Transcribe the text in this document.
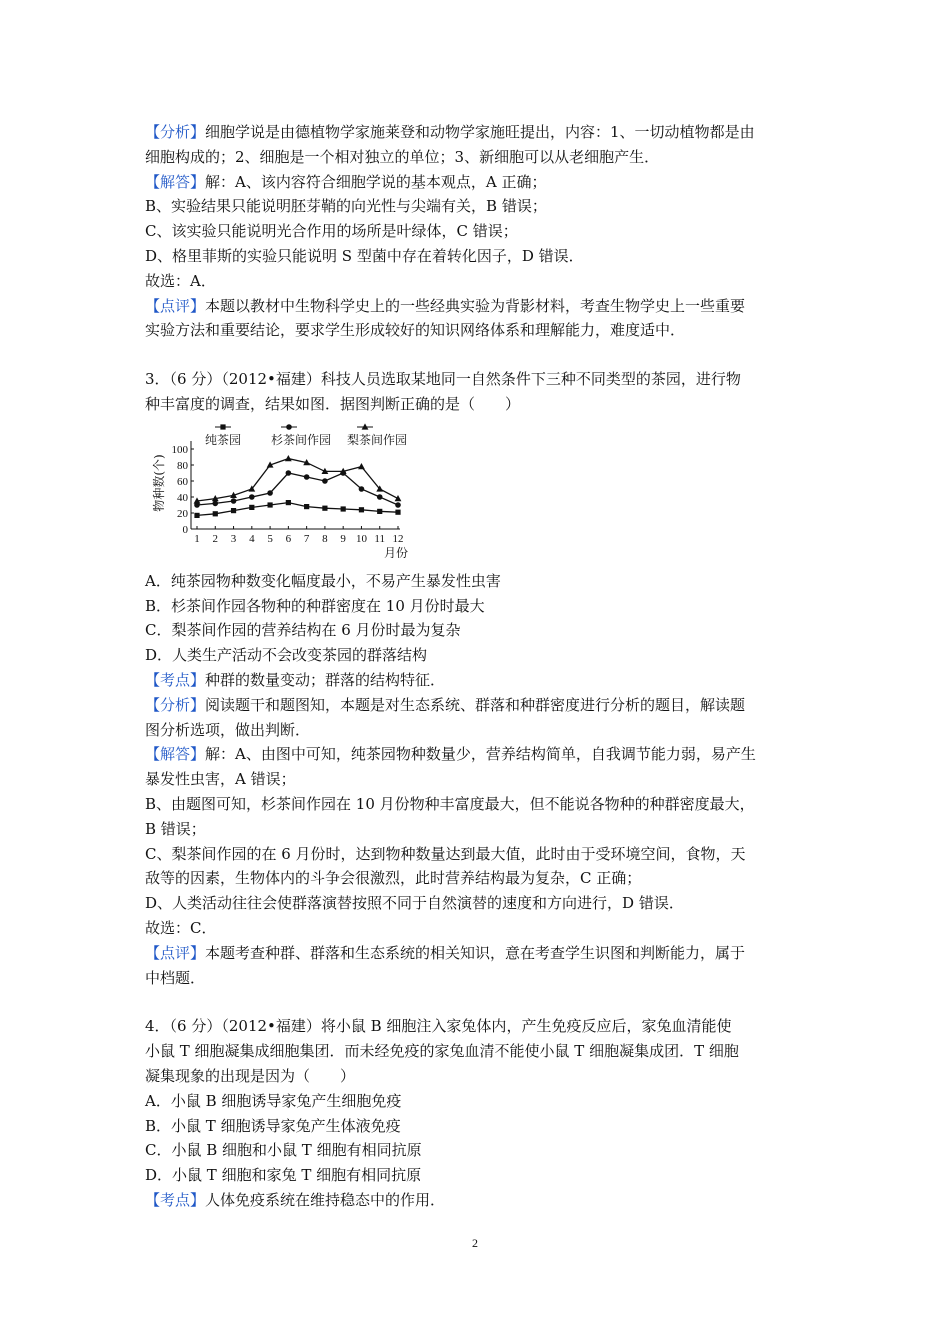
【分析】细胞学说是由德植物学家施莱登和动物学家施旺提出，内容：1、一切动植物都是由
细胞构成的；2、细胞是一个相对独立的单位；3、新细胞可以从老细胞产生．
【解答】解：A、该内容符合细胞学说的基本观点，A 正确；
B、实验结果只能说明胚芽鞘的向光性与尖端有关，B 错误；
C、该实验只能说明光合作用的场所是叶绿体，C 错误；
D、格里菲斯的实验只能说明 S 型菌中存在着转化因子，D 错误．
故选：A．
【点评】本题以教材中生物科学史上的一些经典实验为背影材料，考查生物学史上一些重要
实验方法和重要结论，要求学生形成较好的知识网络体系和理解能力，难度适中．
3．（6 分）（2012•福建）科技人员选取某地同一自然条件下三种不同类型的茶园，进行物
种丰富度的调查，结果如图．据图判断正确的是（　　）
纯茶园 杉茶间作园 梨茶间作园
0
20
40
60
80
100
1 2 3 4 5 6 7 8 9 10 11 12
月份
物种数(个)
A．纯茶园物种数变化幅度最小，不易产生暴发性虫害
B．杉茶间作园各物种的种群密度在 10 月份时最大
C．梨茶间作园的营养结构在 6 月份时最为复杂
D．人类生产活动不会改变茶园的群落结构
【考点】种群的数量变动；群落的结构特征．
【分析】阅读题干和题图知，本题是对生态系统、群落和种群密度进行分析的题目，解读题
图分析选项，做出判断．
【解答】解：A、由图中可知，纯茶园物种数量少，营养结构简单，自我调节能力弱，易产生
暴发性虫害，A 错误；
B、由题图可知，杉茶间作园在 10 月份物种丰富度最大，但不能说各物种的种群密度最大，
B 错误；
C、梨茶间作园的在 6 月份时，达到物种数量达到最大值，此时由于受环境空间，食物，天
敌等的因素，生物体内的斗争会很激烈，此时营养结构最为复杂，C 正确；
D、人类活动往往会使群落演替按照不同于自然演替的速度和方向进行，D 错误．
故选：C．
【点评】本题考查种群、群落和生态系统的相关知识，意在考查学生识图和判断能力，属于
中档题．
4．（6 分）（2012•福建）将小鼠 B 细胞注入家兔体内，产生免疫反应后，家兔血清能使
小鼠 T 细胞凝集成细胞集团．而未经免疫的家兔血清不能使小鼠 T 细胞凝集成团．T 细胞
凝集现象的出现是因为（　　）
A．小鼠 B 细胞诱导家兔产生细胞免疫
B．小鼠 T 细胞诱导家兔产生体液免疫
C．小鼠 B 细胞和小鼠 T 细胞有相同抗原
D．小鼠 T 细胞和家兔 T 细胞有相同抗原
【考点】人体免疫系统在维持稳态中的作用．
2
